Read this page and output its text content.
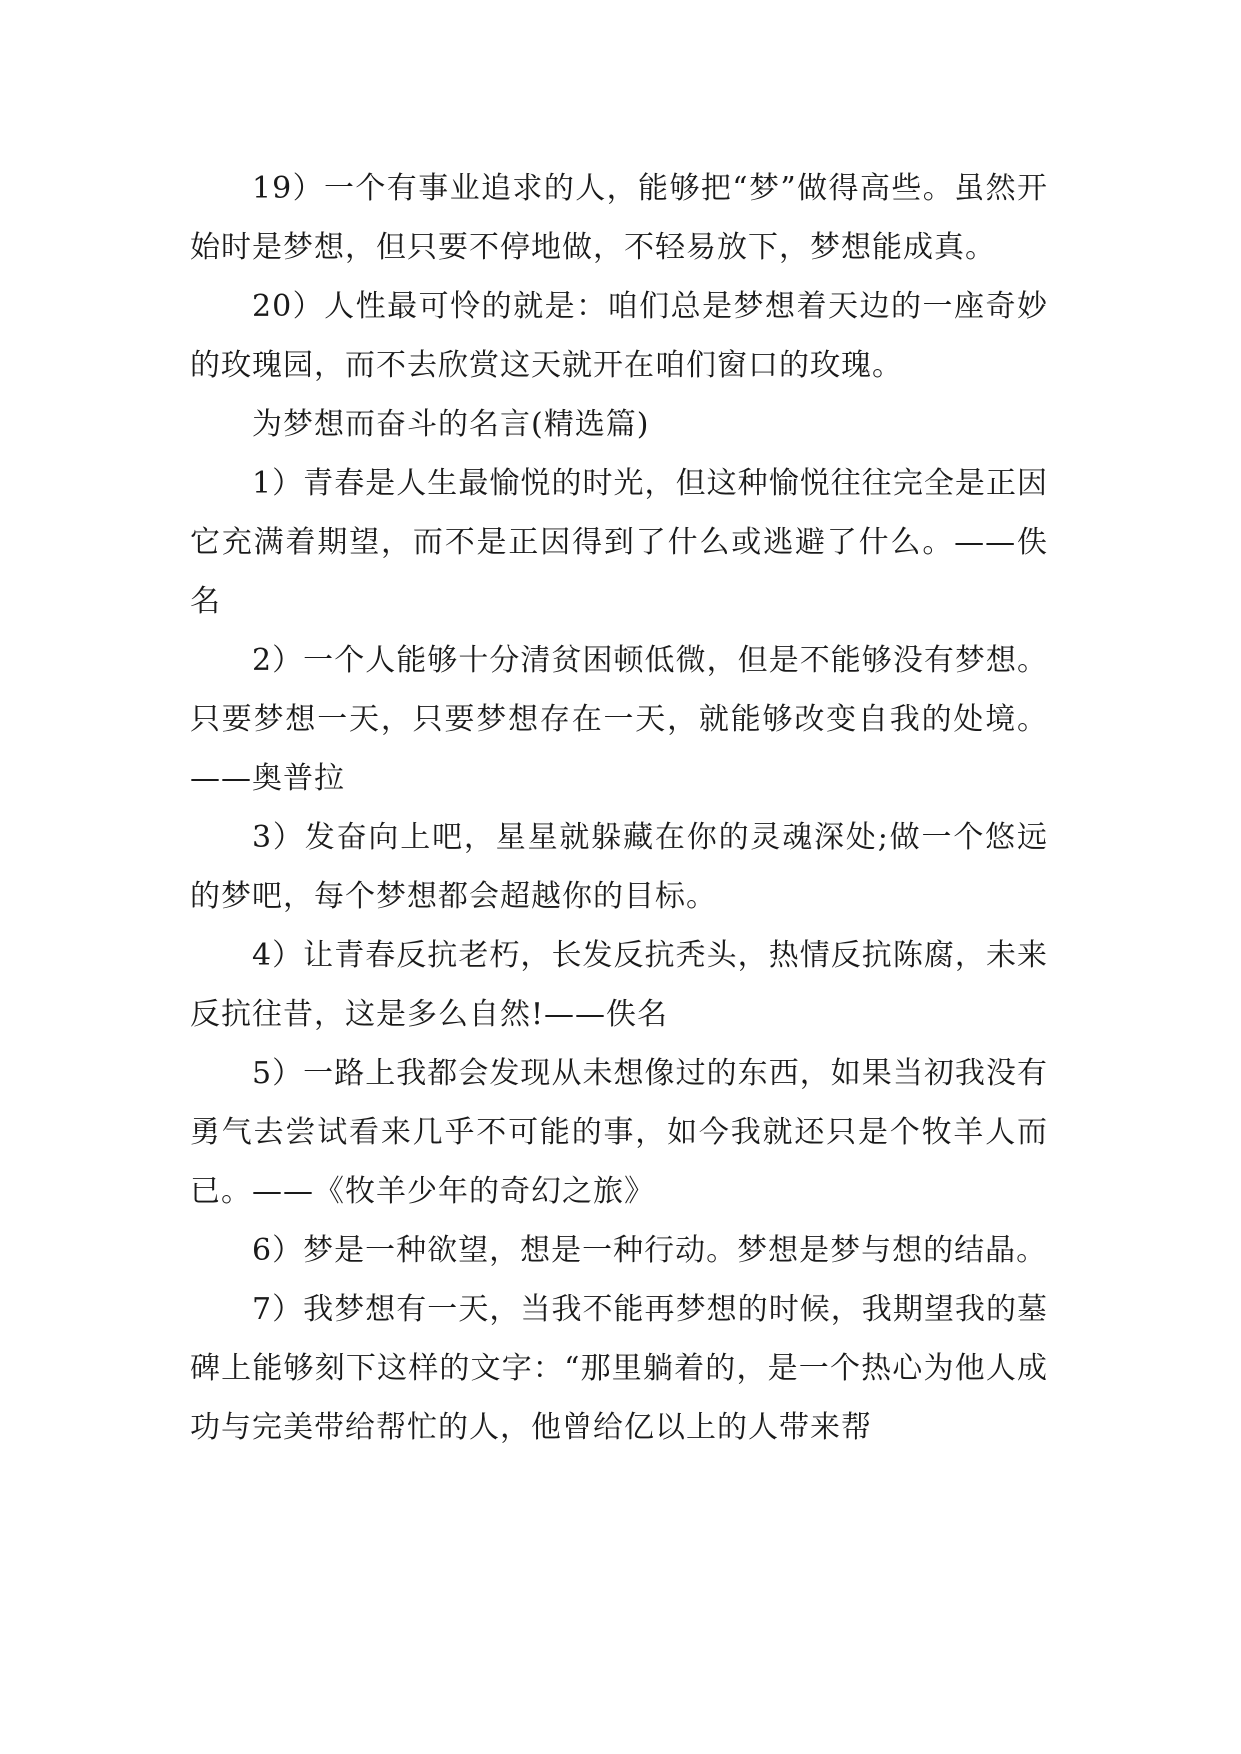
19）一个有事业追求的人，能够把“梦”做得高些。虽然开始时是梦想，但只要不停地做，不轻易放下，梦想能成真。

20）人性最可怜的就是：咱们总是梦想着天边的一座奇妙的玫瑰园，而不去欣赏这天就开在咱们窗口的玫瑰。

为梦想而奋斗的名言(精选篇)

1）青春是人生最愉悦的时光，但这种愉悦往往完全是正因它充满着期望，而不是正因得到了什么或逃避了什么。——佚名

2）一个人能够十分清贫困顿低微，但是不能够没有梦想。只要梦想一天，只要梦想存在一天，就能够改变自我的处境。——奥普拉

3）发奋向上吧，星星就躲藏在你的灵魂深处;做一个悠远的梦吧，每个梦想都会超越你的目标。

4）让青春反抗老朽，长发反抗秃头，热情反抗陈腐，未来反抗往昔，这是多么自然!——佚名

5）一路上我都会发现从未想像过的东西，如果当初我没有勇气去尝试看来几乎不可能的事，如今我就还只是个牧羊人而已。——《牧羊少年的奇幻之旅》

6）梦是一种欲望，想是一种行动。梦想是梦与想的结晶。

7）我梦想有一天，当我不能再梦想的时候，我期望我的墓碑上能够刻下这样的文字：“那里躺着的，是一个热心为他人成功与完美带给帮忙的人，他曾给亿以上的人带来帮
